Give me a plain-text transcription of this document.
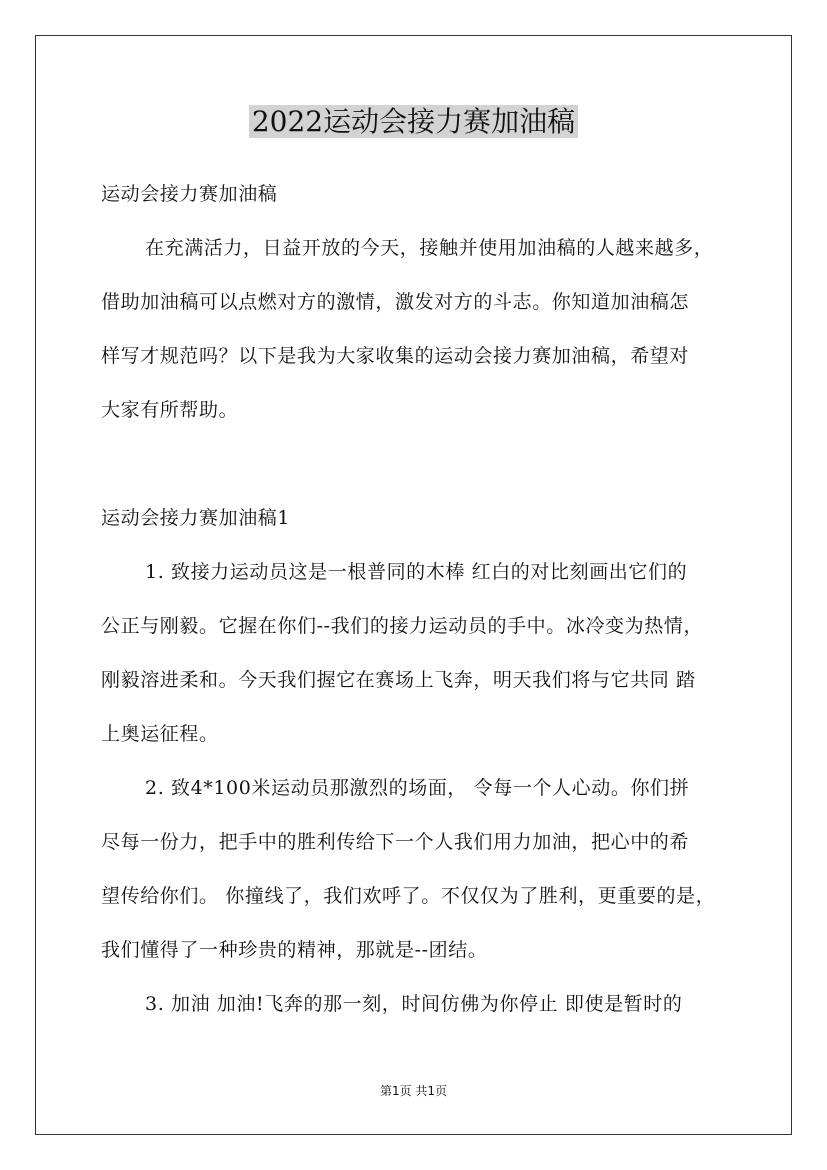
2022运动会接力赛加油稿
运动会接力赛加油稿
在充满活力，日益开放的今天，接触并使用加油稿的人越来越多，
借助加油稿可以点燃对方的激情，激发对方的斗志。你知道加油稿怎
样写才规范吗？以下是我为大家收集的运动会接力赛加油稿，希望对
大家有所帮助。
运动会接力赛加油稿1
1. 致接力运动员这是一根普同的木棒 红白的对比刻画出它们的
公正与刚毅。它握在你们--我们的接力运动员的手中。冰冷变为热情，
刚毅溶进柔和。今天我们握它在赛场上飞奔，明天我们将与它共同 踏
上奥运征程。
2. 致4*100米运动员那激烈的场面， 令每一个人心动。你们拼
尽每一份力，把手中的胜利传给下一个人我们用力加油，把心中的希
望传给你们。 你撞线了，我们欢呼了。不仅仅为了胜利，更重要的是，
我们懂得了一种珍贵的精神，那就是--团结。
3. 加油 加油!飞奔的那一刻，时间仿佛为你停止 即使是暂时的
第1页 共1页
